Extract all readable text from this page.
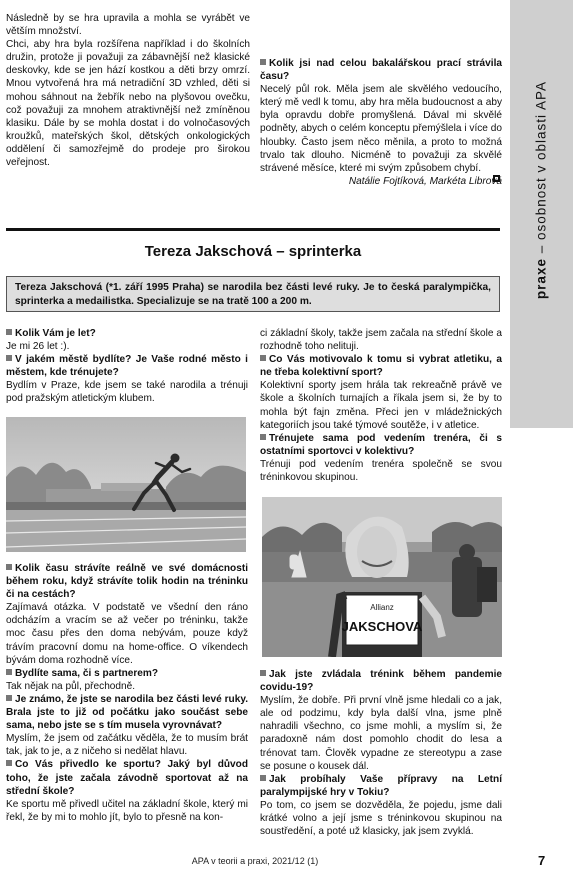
praxe – osobnost v oblasti APA

Následně by se hra upravila a mohla se vyrábět ve větším množství.

Chci, aby hra byla rozšířena například i do školních družin, protože ji považuji za zábavnější než klasické deskovky, kde se jen hází kostkou a děti brzy omrzí. Mnou vytvořená hra má netradiční 3D vzhled, děti si mohou sáhnout na žebřík nebo na plyšovou ovečku, což považuji za mnohem atraktivnější než zmíněnou klasiku. Dále by se mohla dostat i do volnočasových kroužků, mateřských škol, dětských onkologických oddělení či samozřejmě do prodeje pro širokou veřejnost.

Kolik jsi nad celou bakalářskou prací strávila času?

Necelý půl rok. Měla jsem ale skvělého vedoucího, který mě vedl k tomu, aby hra měla budoucnost a aby byla opravdu dobře promyšlená. Dával mi skvělé podněty, abych o celém konceptu přemýšlela i více do hloubky. Často jsem něco měnila, a proto to možná trvalo tak dlouho. Nicméně to považuji za skvělé strávené měsíce, které mi svým způsobem chybí.

Natálie Fojtíková, Markéta Librová

Tereza Jakschová – sprinterka
Tereza Jakschová (*1. září 1995 Praha) se narodila bez části levé ruky. Je to česká paralympička, sprinterka a medailistka. Specializuje se na tratě 100 a 200 m.

Kolik Vám je let?

Je mi 26 let :).

V jakém městě bydlíte? Je Vaše rodné město i městem, kde trénujete?

Bydlím v Praze, kde jsem se také narodila a trénuji pod pražským atletickým klubem.

Kolik času strávíte reálně ve své domácnosti během roku, když strávíte tolik hodin na tréninku či na cestách?

Zajímavá otázka. V podstatě ve všední den ráno odcházím a vracím se až večer po tréninku, takže moc času přes den doma nebývám, pouze když trávím pracovní domu na home-office. O víkendech bývám doma rozhodně více.

Bydlíte sama, či s partnerem?

Tak nějak na půl, přechodně.

Je známo, že jste se narodila bez části levé ruky. Brala jste to již od počátku jako součást sebe sama, nebo jste se s tím musela vyrovnávat?

Myslím, že jsem od začátku věděla, že to musím brát tak, jak to je, a z ničeho si nedělat hlavu.

Co Vás přivedlo ke sportu? Jaký byl důvod toho, že jste začala závodně sportovat až na střední škole?

Ke sportu mě přivedl učitel na základní škole, který mi řekl, že by mi to mohlo jít, bylo to přesně na kon-

ci základní školy, takže jsem začala na střední škole a rozhodně toho nelituji.

Co Vás motivovalo k tomu si vybrat atletiku, a ne třeba kolektivní sport?

Kolektivní sporty jsem hrála tak rekreačně právě ve škole a školních turnajích a říkala jsem si, že by to mohla být fajn změna. Přeci jen v mládežnických kategoriích jsou také týmové soutěže, i v atletice.

Trénujete sama pod vedením trenéra, či s ostatními sportovci v kolektivu?

Trénuji pod vedením trenéra společně se svou tréninkovou skupinou.

Allianz
JAKSCHOVA

Jak jste zvládala trénink během pandemie covidu-19?

Myslím, že dobře. Při první vlně jsme hledali co a jak, ale od podzimu, kdy byla další vlna, jsme plně nahradili všechno, co jsme mohli, a myslím si, že paradoxně nám dost pomohlo chodit do lesa a trénovat tam. Člověk vypadne ze stereotypu a zase se posune o kousek dál.

Jak probíhaly Vaše přípravy na Letní paralympijské hry v Tokiu?

Po tom, co jsem se dozvěděla, že pojedu, jsme dali krátké volno a její jsme s tréninkovou skupinou na soustředění, a poté už klasicky, jak jsem zvyklá.

APA v teorii a praxi, 2021/12 (1)	7
